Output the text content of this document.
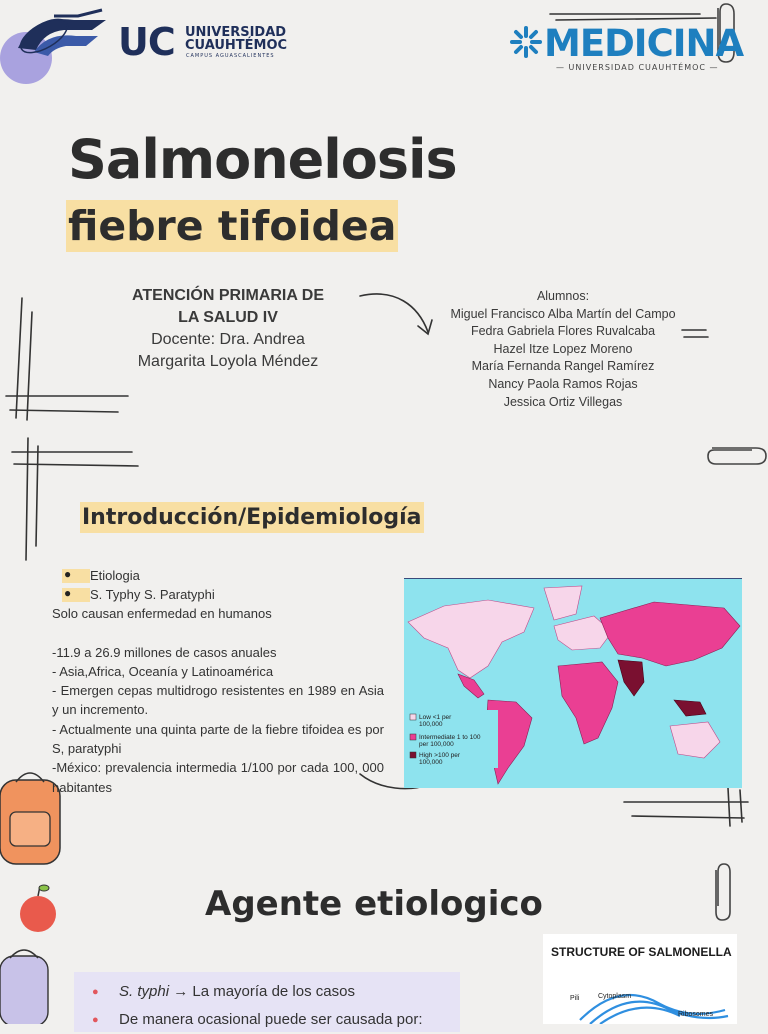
UC UNIVERSIDAD
CUAUHTÉMOC
CAMPUS AGUASCALIENTES	MEDICINA
— UNIVERSIDAD CUAUHTÉMOC —
Salmonelosis
fiebre tifoidea
ATENCIÓN PRIMARIA DE
LA SALUD IV
Docente: Dra. Andrea
Margarita Loyola Méndez
Alumnos:
Miguel Francisco Alba Martín del Campo
Fedra Gabriela Flores Ruvalcaba
Hazel Itze Lopez Moreno
María Fernanda Rangel Ramírez
Nancy Paola Ramos Rojas
Jessica Ortiz Villegas
Introducción/Epidemiología
●
Etiologia
●
S. Typhy S. Paratyphi

Solo causan enfermedad en humanos

-11.9 a 26.9 millones de casos anuales

- Asia,Africa, Oceanía y Latinoamérica

- Emergen cepas multidrogo resistentes en 1989 en Asia y un incremento.

- Actualmente una quinta parte de la fiebre tifoidea es por S, paratyphi

-México: prevalencia intermedia 1/100 por cada 100, 000 habitantes

Low <1 per
100,000
Intermediate 1 to 100
per 100,000
High >100 per
100,000
Agente etiologico
●	S. typhi → La mayoría de los casos
●	De manera ocasional puede ser causada por:
STRUCTURE OF SALMONELLA
Pili	Cytoplasm
Ribosomes
